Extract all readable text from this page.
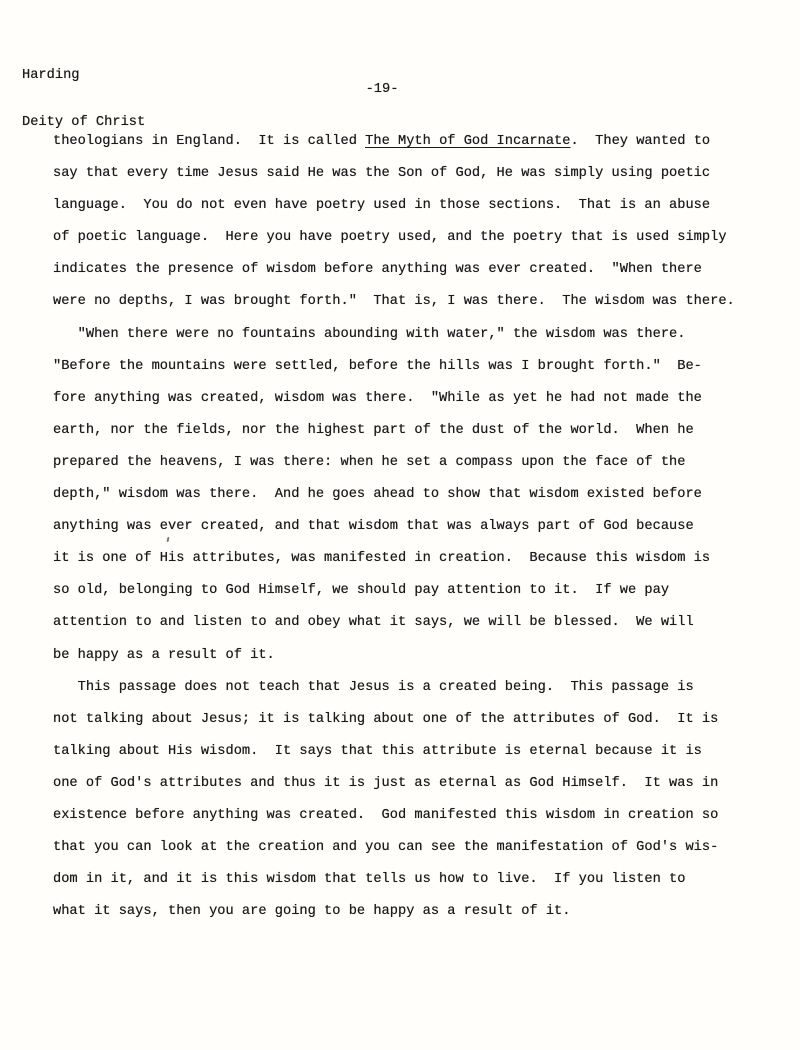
Harding

Deity of Christ

-19-
theologians in England.  It is called The Myth of God Incarnate.  They wanted to
say that every time Jesus said He was the Son of God, He was simply using poetic
language.  You do not even have poetry used in those sections.  That is an abuse
of poetic language.  Here you have poetry used, and the poetry that is used simply
indicates the presence of wisdom before anything was ever created.  "When there
were no depths, I was brought forth."  That is, I was there.  The wisdom was there.
"When there were no fountains abounding with water," the wisdom was there.
"Before the mountains were settled, before the hills was I brought forth."  Be-
fore anything was created, wisdom was there.  "While as yet he had not made the
earth, nor the fields, nor the highest part of the dust of the world.  When he
prepared the heavens, I was there: when he set a compass upon the face of the
depth," wisdom was there.  And he goes ahead to show that wisdom existed before
anything was ever created, and that wisdom that was always part of God because
it is one of His attributes, was manifested in creation.  Because this wisdom is
so old, belonging to God Himself, we should pay attention to it.  If we pay
attention to and listen to and obey what it says, we will be blessed.  We will
be happy as a result of it.
This passage does not teach that Jesus is a created being.  This passage is
not talking about Jesus; it is talking about one of the attributes of God.  It is
talking about His wisdom.  It says that this attribute is eternal because it is
one of God's attributes and thus it is just as eternal as God Himself.  It was in
existence before anything was created.  God manifested this wisdom in creation so
that you can look at the creation and you can see the manifestation of God's wis-
dom in it, and it is this wisdom that tells us how to live.  If you listen to
what it says, then you are going to be happy as a result of it.
